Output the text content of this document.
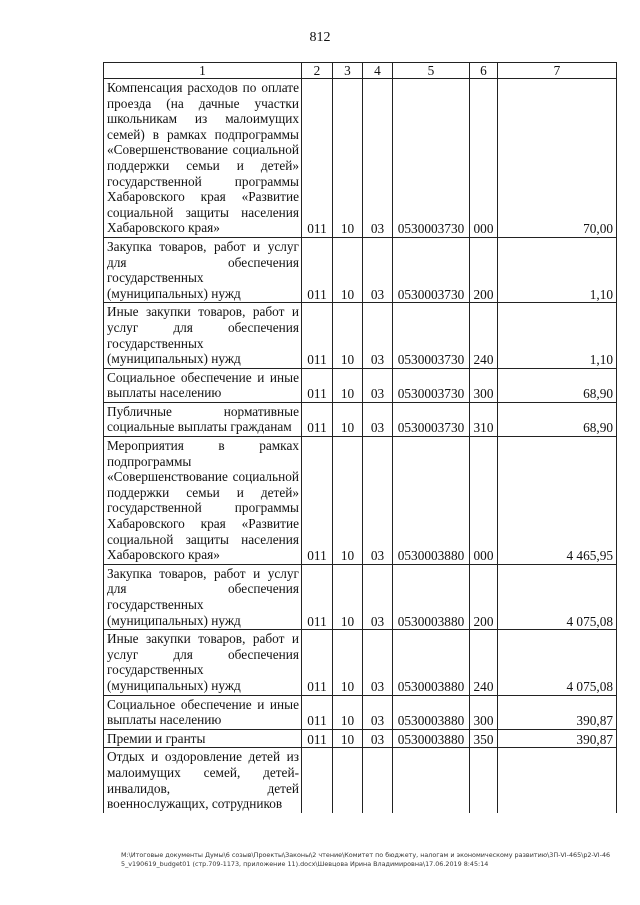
812
1	2	3	4	5	6	7
Компенсация расходов по оплате проезда (на дачные участки школьникам из малоимущих семей) в рамках подпрограммы «Совершенствование социальной поддержки семьи и детей» государственной программы Хабаровского края «Развитие социальной защиты населения Хабаровского края»	011	10	03	0530003730	000	70,00
Закупка товаров, работ и услуг для обеспечения государственных (муниципальных) нужд	011	10	03	0530003730	200	1,10
Иные закупки товаров, работ и услуг для обеспечения государственных (муниципальных) нужд	011	10	03	0530003730	240	1,10
Социальное обеспечение и иные выплаты населению	011	10	03	0530003730	300	68,90
Публичные нормативные социальные выплаты гражданам	011	10	03	0530003730	310	68,90
Мероприятия в рамках подпрограммы «Совершенствование социальной поддержки семьи и детей» государственной программы Хабаровского края «Развитие социальной защиты населения Хабаровского края»	011	10	03	0530003880	000	4 465,95
Закупка товаров, работ и услуг для обеспечения государственных (муниципальных) нужд	011	10	03	0530003880	200	4 075,08
Иные закупки товаров, работ и услуг для обеспечения государственных (муниципальных) нужд	011	10	03	0530003880	240	4 075,08
Социальное обеспечение и иные выплаты населению	011	10	03	0530003880	300	390,87
Премии и гранты	011	10	03	0530003880	350	390,87
Отдых и оздоровление детей из малоимущих семей, детей-инвалидов, детей военнослужащих, сотрудников						
M:\Итоговые документы Думы\6 созыв\Проекты\Законы\2 чтение\Комитет по бюджету, налогам и экономическому развитию\3П-VI-465\p2-VI-465_v190619_budget01 (стр.709-1173, приложение 11).docx\Шевцова Ирина Владимировна\17.06.2019 8:45:14
